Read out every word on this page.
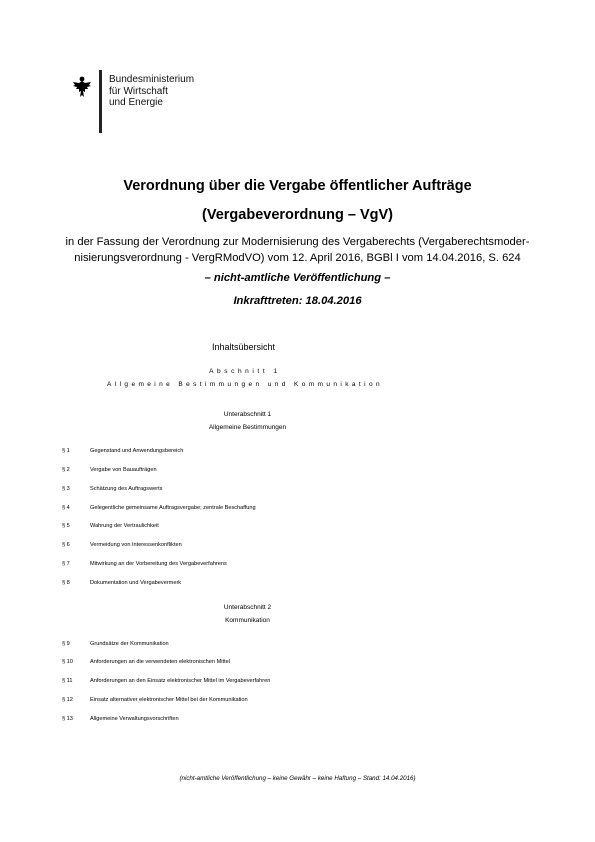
Bundesministerium
für Wirtschaft
und Energie
Verordnung über die Vergabe öffentlicher Aufträge
(Vergabeverordnung – VgV)
in der Fassung der Verordnung zur Modernisierung des Vergaberechts (Vergaberechtsmoder-
nisierungsverordnung - VergRModVO) vom 12. April 2016, BGBl I vom 14.04.2016, S. 624
– nicht-amtliche Veröffentlichung –
Inkrafttreten: 18.04.2016
Inhaltsübersicht
Abschnitt 1
Allgemeine Bestimmungen und Kommunikation
Unterabschnitt 1
Allgemeine Bestimmungen
§ 1	Gegenstand und Anwendungsbereich
§ 2	Vergabe von Bauaufträgen
§ 3	Schätzung des Auftragswerts
§ 4	Gelegentliche gemeinsame Auftragsvergabe; zentrale Beschaffung
§ 5	Wahrung der Vertraulichkeit
§ 6	Vermeidung von Interessenkonflikten
§ 7	Mitwirkung an der Vorbereitung des Vergabeverfahrens
§ 8	Dokumentation und Vergabevermerk
Unterabschnitt 2
Kommunikation
§ 9	Grundsätze der Kommunikation
§ 10	Anforderungen an die verwendeten elektronischen Mittel
§ 11	Anforderungen an den Einsatz elektronischer Mittel im Vergabeverfahren
§ 12	Einsatz alternativer elektronischer Mittel bei der Kommunikation
§ 13	Allgemeine Verwaltungsvorschriften
(nicht-amtliche Veröffentlichung – keine Gewähr – keine Haftung – Stand: 14.04.2016)
